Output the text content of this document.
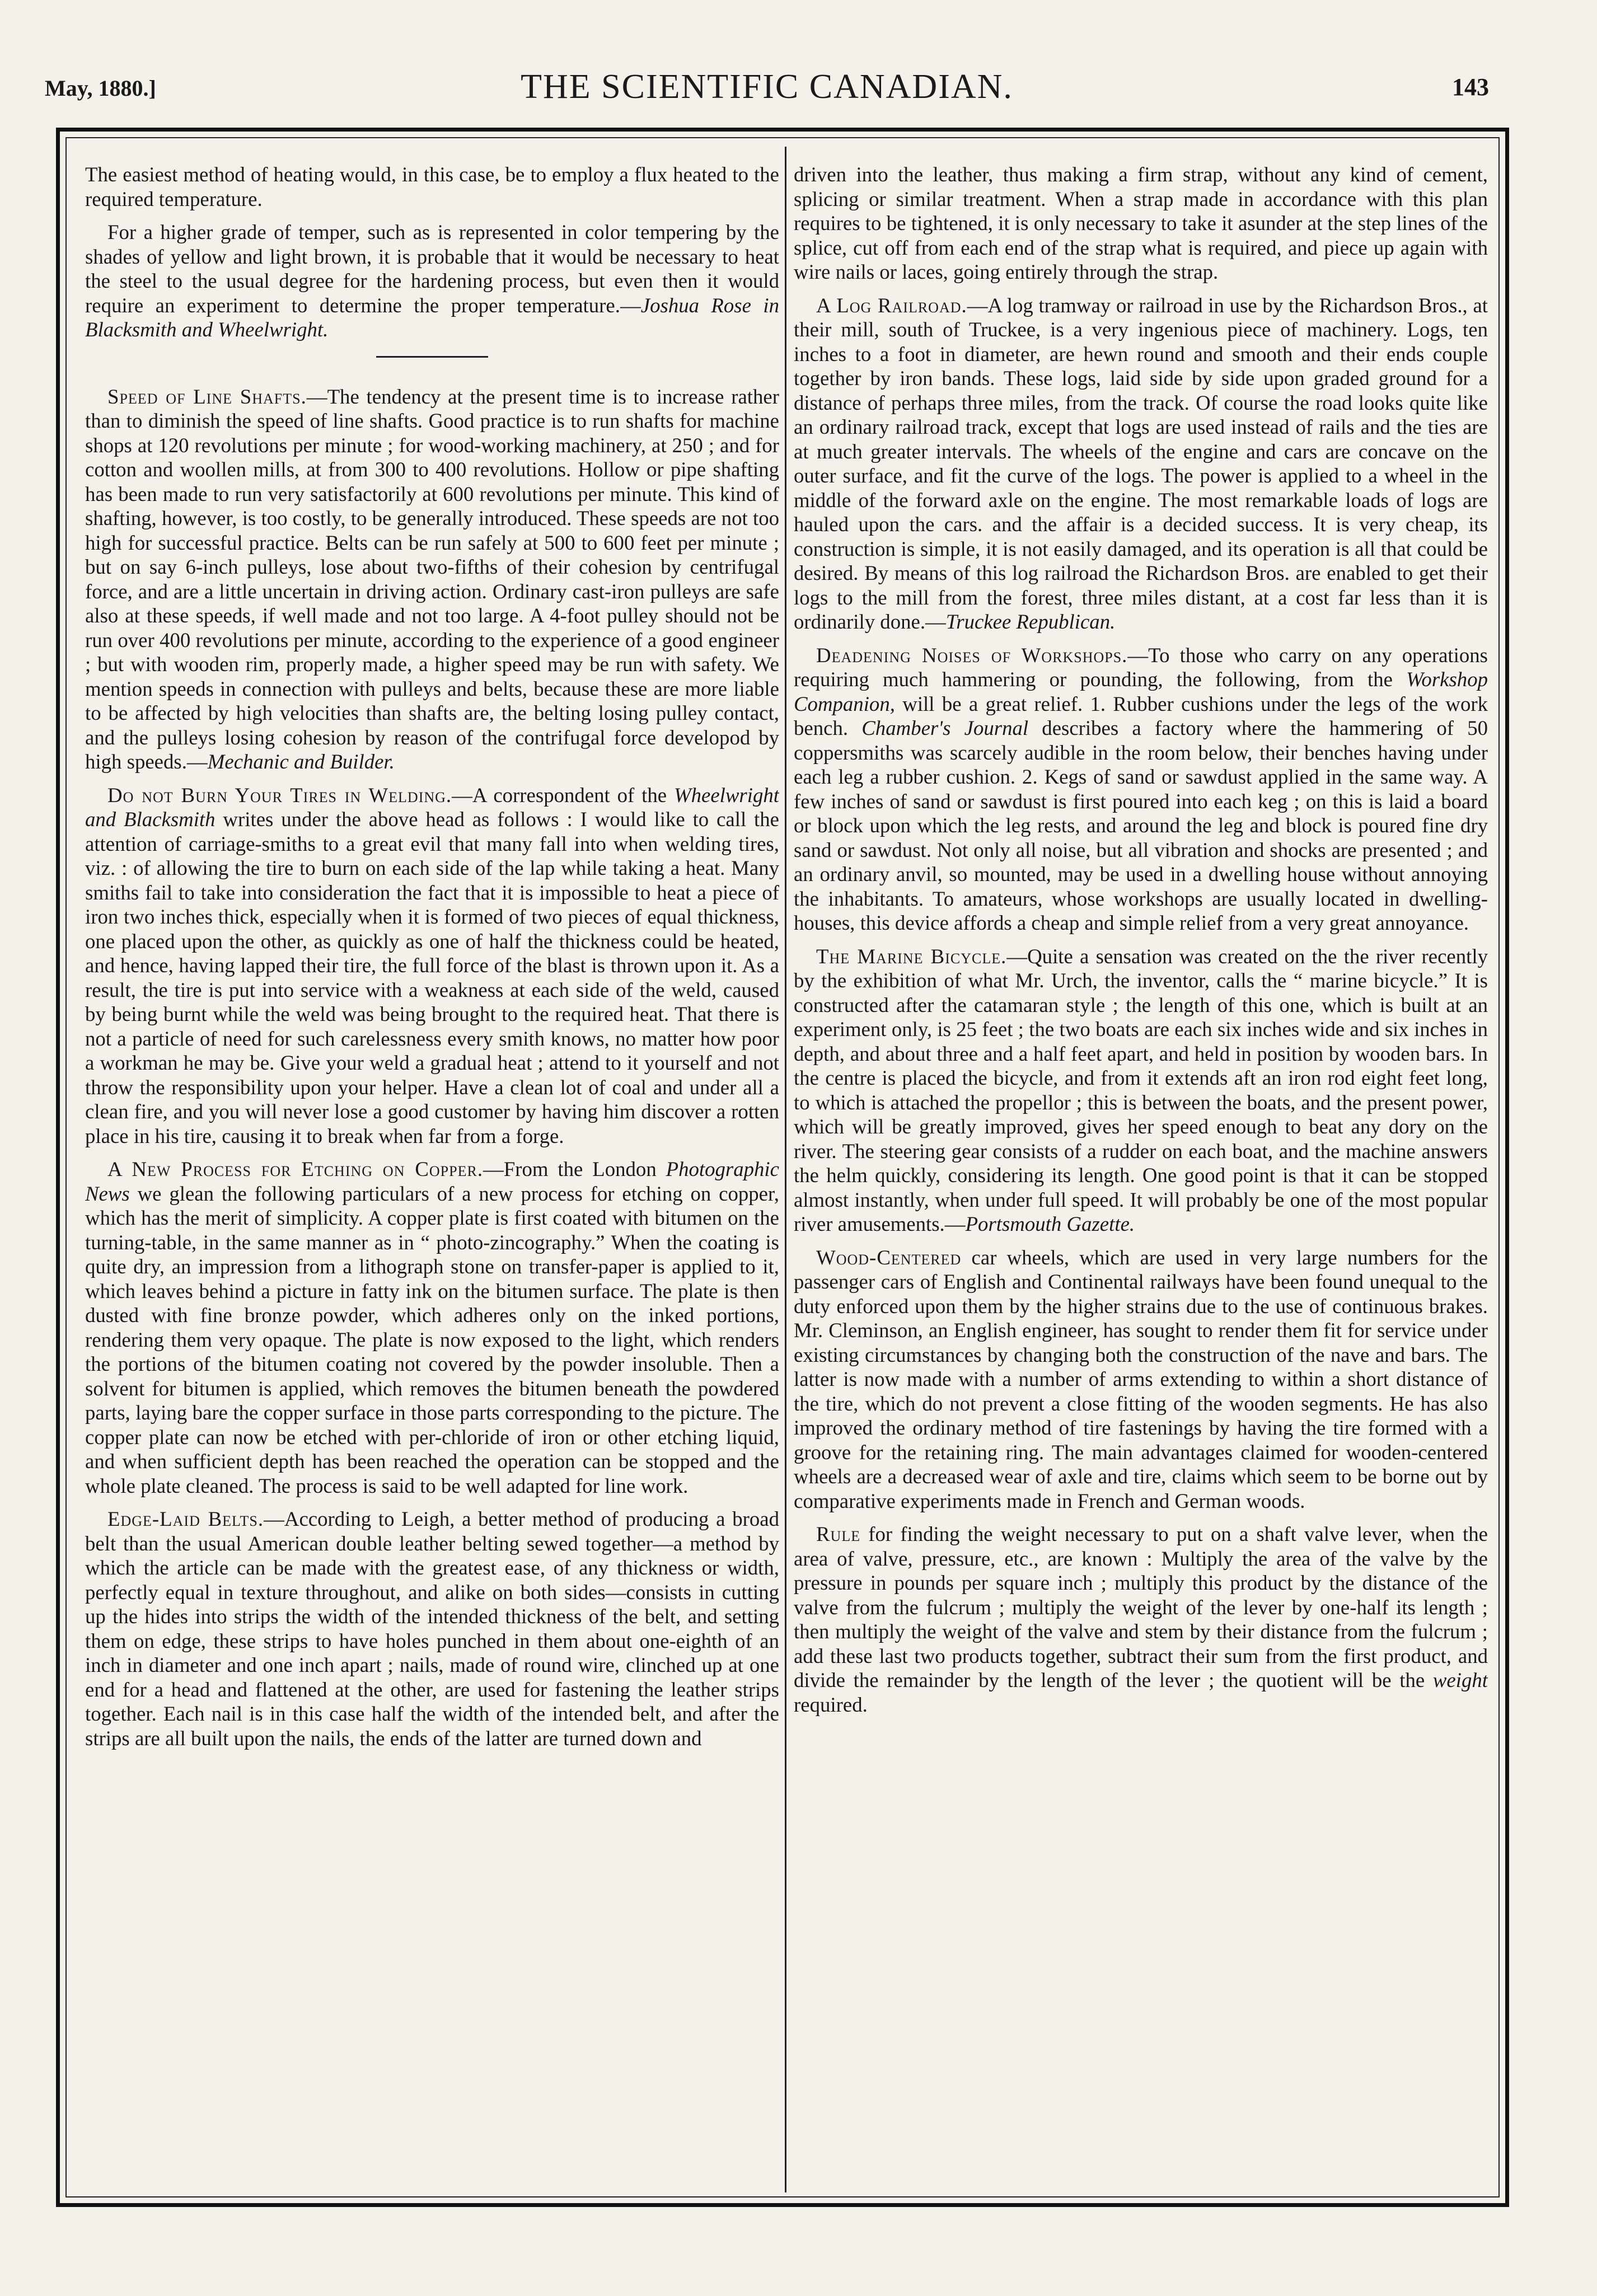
May, 1880.]	THE SCIENTIFIC CANADIAN.	143

The easiest method of heating would, in this case, be to employ a flux heated to the required temperature.

For a higher grade of temper, such as is represented in color tempering by the shades of yellow and light brown, it is probable that it would be necessary to heat the steel to the usual degree for the hardening process, but even then it would require an experiment to determine the proper temperature.—Joshua Rose in Blacksmith and Wheelwright.

Speed of Line Shafts.—The tendency at the present time is to increase rather than to diminish the speed of line shafts. Good practice is to run shafts for machine shops at 120 revolutions per minute ; for wood-working machinery, at 250 ; and for cotton and woollen mills, at from 300 to 400 revolutions. Hollow or pipe shafting has been made to run very satisfactorily at 600 revolutions per minute. This kind of shafting, however, is too costly, to be generally introduced. These speeds are not too high for successful practice. Belts can be run safely at 500 to 600 feet per minute ; but on say 6-inch pulleys, lose about two-fifths of their cohesion by centrifugal force, and are a little uncertain in driving action. Ordinary cast-iron pulleys are safe also at these speeds, if well made and not too large. A 4-foot pulley should not be run over 400 revolutions per minute, according to the experience of a good engineer ; but with wooden rim, properly made, a higher speed may be run with safety. We mention speeds in connection with pulleys and belts, because these are more liable to be affected by high velocities than shafts are, the belting losing pulley contact, and the pulleys losing cohesion by reason of the contrifugal force developod by high speeds.—Mechanic and Builder.

Do not Burn Your Tires in Welding.—A correspondent of the Wheelwright and Blacksmith writes under the above head as follows : I would like to call the attention of carriage-smiths to a great evil that many fall into when welding tires, viz. : of allowing the tire to burn on each side of the lap while taking a heat. Many smiths fail to take into consideration the fact that it is impossible to heat a piece of iron two inches thick, especially when it is formed of two pieces of equal thickness, one placed upon the other, as quickly as one of half the thickness could be heated, and hence, having lapped their tire, the full force of the blast is thrown upon it. As a result, the tire is put into service with a weakness at each side of the weld, caused by being burnt while the weld was being brought to the required heat. That there is not a particle of need for such carelessness every smith knows, no matter how poor a workman he may be. Give your weld a gradual heat ; attend to it yourself and not throw the responsibility upon your helper. Have a clean lot of coal and under all a clean fire, and you will never lose a good customer by having him discover a rotten place in his tire, causing it to break when far from a forge.

A New Process for Etching on Copper.—From the London Photographic News we glean the following particulars of a new process for etching on copper, which has the merit of simplicity. A copper plate is first coated with bitumen on the turning-table, in the same manner as in “ photo-zincography.” When the coating is quite dry, an impression from a lithograph stone on transfer-paper is applied to it, which leaves behind a picture in fatty ink on the bitumen surface. The plate is then dusted with fine bronze powder, which adheres only on the inked portions, rendering them very opaque. The plate is now exposed to the light, which renders the portions of the bitumen coating not covered by the powder insoluble. Then a solvent for bitumen is applied, which removes the bitumen beneath the powdered parts, laying bare the copper surface in those parts corresponding to the picture. The copper plate can now be etched with per-chloride of iron or other etching liquid, and when sufficient depth has been reached the operation can be stopped and the whole plate cleaned. The process is said to be well adapted for line work.

Edge-Laid Belts.—According to Leigh, a better method of producing a broad belt than the usual American double leather belting sewed together—a method by which the article can be made with the greatest ease, of any thickness or width, perfectly equal in texture throughout, and alike on both sides—consists in cutting up the hides into strips the width of the intended thickness of the belt, and setting them on edge, these strips to have holes punched in them about one-eighth of an inch in diameter and one inch apart ; nails, made of round wire, clinched up at one end for a head and flattened at the other, are used for fastening the leather strips together. Each nail is in this case half the width of the intended belt, and after the strips are all built upon the nails, the ends of the latter are turned down and

driven into the leather, thus making a firm strap, without any kind of cement, splicing or similar treatment. When a strap made in accordance with this plan requires to be tightened, it is only necessary to take it asunder at the step lines of the splice, cut off from each end of the strap what is required, and piece up again with wire nails or laces, going entirely through the strap.

A Log Railroad.—A log tramway or railroad in use by the Richardson Bros., at their mill, south of Truckee, is a very ingenious piece of machinery. Logs, ten inches to a foot in diameter, are hewn round and smooth and their ends couple together by iron bands. These logs, laid side by side upon graded ground for a distance of perhaps three miles, from the track. Of course the road looks quite like an ordinary railroad track, except that logs are used instead of rails and the ties are at much greater intervals. The wheels of the engine and cars are concave on the outer surface, and fit the curve of the logs. The power is applied to a wheel in the middle of the forward axle on the engine. The most remarkable loads of logs are hauled upon the cars. and the affair is a decided success. It is very cheap, its construction is simple, it is not easily damaged, and its operation is all that could be desired. By means of this log railroad the Richardson Bros. are enabled to get their logs to the mill from the forest, three miles distant, at a cost far less than it is ordinarily done.—Truckee Republican.

Deadening Noises of Workshops.—To those who carry on any operations requiring much hammering or pounding, the following, from the Workshop Companion, will be a great relief. 1. Rubber cushions under the legs of the work bench. Chamber's Journal describes a factory where the hammering of 50 coppersmiths was scarcely audible in the room below, their benches having under each leg a rubber cushion. 2. Kegs of sand or sawdust applied in the same way. A few inches of sand or sawdust is first poured into each keg ; on this is laid a board or block upon which the leg rests, and around the leg and block is poured fine dry sand or sawdust. Not only all noise, but all vibration and shocks are presented ; and an ordinary anvil, so mounted, may be used in a dwelling house without annoying the inhabitants. To amateurs, whose workshops are usually located in dwelling-houses, this device affords a cheap and simple relief from a very great annoyance.

The Marine Bicycle.—Quite a sensation was created on the the river recently by the exhibition of what Mr. Urch, the inventor, calls the “ marine bicycle.” It is constructed after the catamaran style ; the length of this one, which is built at an experiment only, is 25 feet ; the two boats are each six inches wide and six inches in depth, and about three and a half feet apart, and held in position by wooden bars. In the centre is placed the bicycle, and from it extends aft an iron rod eight feet long, to which is attached the propellor ; this is between the boats, and the present power, which will be greatly improved, gives her speed enough to beat any dory on the river. The steering gear consists of a rudder on each boat, and the machine answers the helm quickly, considering its length. One good point is that it can be stopped almost instantly, when under full speed. It will probably be one of the most popular river amusements.—Portsmouth Gazette.

Wood-Centered car wheels, which are used in very large numbers for the passenger cars of English and Continental railways have been found unequal to the duty enforced upon them by the higher strains due to the use of continuous brakes. Mr. Cleminson, an English engineer, has sought to render them fit for service under existing circumstances by changing both the construction of the nave and bars. The latter is now made with a number of arms extending to within a short distance of the tire, which do not prevent a close fitting of the wooden segments. He has also improved the ordinary method of tire fastenings by having the tire formed with a groove for the retaining ring. The main advantages claimed for wooden-centered wheels are a decreased wear of axle and tire, claims which seem to be borne out by comparative experiments made in French and German woods.

Rule for finding the weight necessary to put on a shaft valve lever, when the area of valve, pressure, etc., are known : Multiply the area of the valve by the pressure in pounds per square inch ; multiply this product by the distance of the valve from the fulcrum ; multiply the weight of the lever by one-half its length ; then multiply the weight of the valve and stem by their distance from the fulcrum ; add these last two products together, subtract their sum from the first product, and divide the remainder by the length of the lever ; the quotient will be the weight required.
